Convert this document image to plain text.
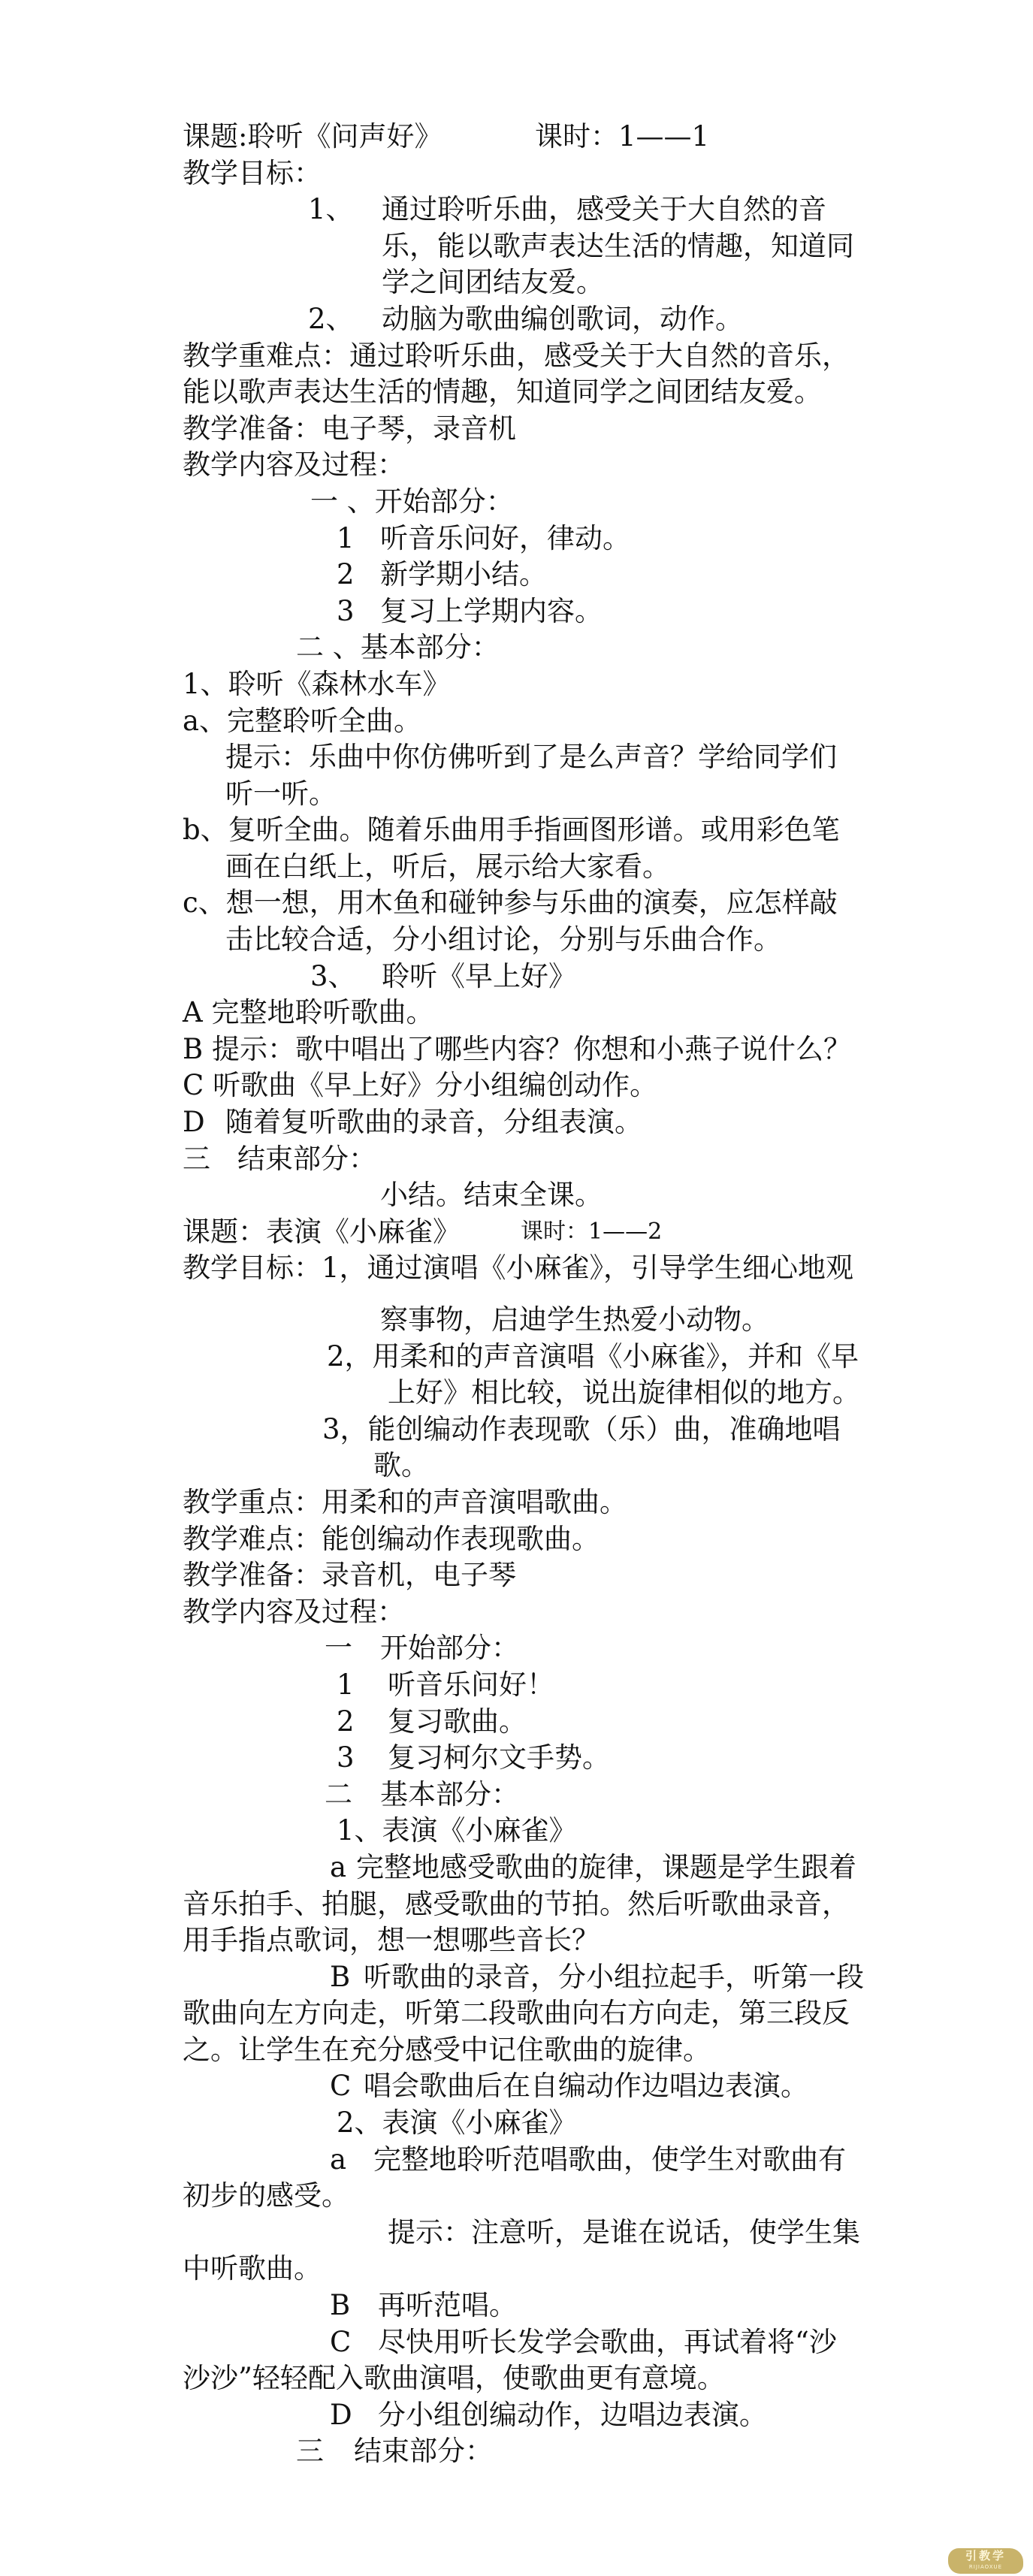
课题:聆听《问声好》	课时：1——1
教学目标：
1、 通过聆听乐曲，感受关于大自然的音
乐，能以歌声表达生活的情趣，知道同
学之间团结友爱。
2、 动脑为歌曲编创歌词，动作。
教学重难点：通过聆听乐曲，感受关于大自然的音乐，
能以歌声表达生活的情趣，知道同学之间团结友爱。
教学准备：电子琴，录音机
教学内容及过程：
一 、开始部分：
1 听音乐问好，律动。
2 新学期小结。
3 复习上学期内容。
二 、基本部分：
1、聆听《森林水车》
a、完整聆听全曲。
提示：乐曲中你仿佛听到了是么声音？学给同学们
听一听。
b、复听全曲。随着乐曲用手指画图形谱。或用彩色笔
画在白纸上，听后，展示给大家看。
c、想一想，用木鱼和碰钟参与乐曲的演奏，应怎样敲
击比较合适，分小组讨论，分别与乐曲合作。
3、 聆听《早上好》
A 完整地聆听歌曲。
B 提示：歌中唱出了哪些内容？你想和小燕子说什么？
C 听歌曲《早上好》分小组编创动作。
D 随着复听歌曲的录音，分组表演。
三 结束部分：
小结。结束全课。
课题：表演《小麻雀》	课时：1——2
教学目标：1，通过演唱《小麻雀》，引导学生细心地观
察事物，启迪学生热爱小动物。
2，用柔和的声音演唱《小麻雀》，并和《早
上好》相比较，说出旋律相似的地方。
3，能创编动作表现歌（乐）曲，准确地唱
歌。
教学重点：用柔和的声音演唱歌曲。
教学难点：能创编动作表现歌曲。
教学准备：录音机，电子琴
教学内容及过程：
一 开始部分：
1 听音乐问好！
2 复习歌曲。
3 复习柯尔文手势。
二 基本部分：
1、表演《小麻雀》
a 完整地感受歌曲的旋律，课题是学生跟着
音乐拍手、拍腿，感受歌曲的节拍。然后听歌曲录音，
用手指点歌词，想一想哪些音长？
B 听歌曲的录音，分小组拉起手，听第一段
歌曲向左方向走，听第二段歌曲向右方向走，第三段反
之。让学生在充分感受中记住歌曲的旋律。
C 唱会歌曲后在自编动作边唱边表演。
2、表演《小麻雀》
a 完整地聆听范唱歌曲，使学生对歌曲有
初步的感受。
提示：注意听，是谁在说话，使学生集
中听歌曲。
B 再听范唱。
C 尽快用听长发学会歌曲，再试着将“沙
沙沙”轻轻配入歌曲演唱，使歌曲更有意境。
D 分小组创编动作，边唱边表演。
三 结束部分：
引教学
RIJIAOXUE
